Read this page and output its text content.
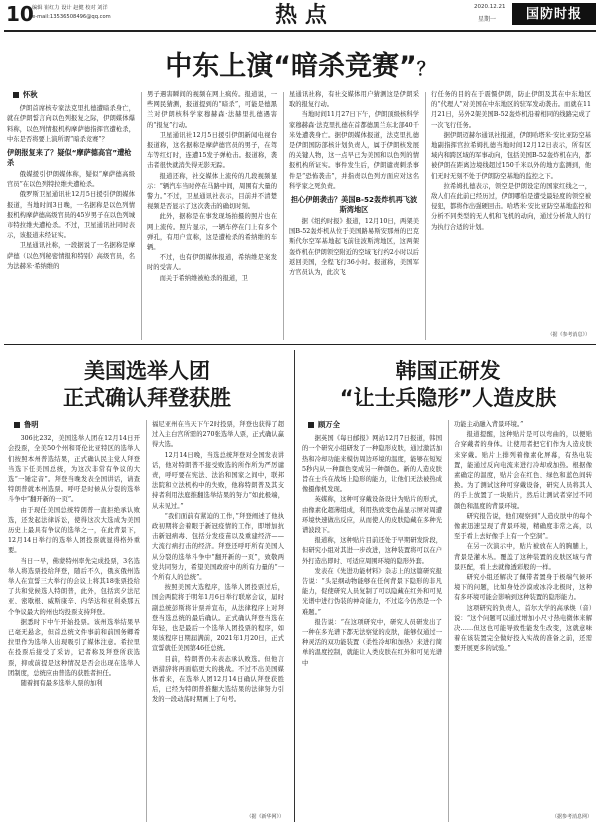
10
编辑 崔红力 设计 赵健 校对 刘洋
e-mail:13536508496@qq.com	热 点	2020.12.21
星期一	国防时报
中东上演“暗杀竞赛”？
怀秋

伊朗首席核专家法克里扎德遭暗杀身亡，就在伊朗誓言向以色列报复之际，伊朗媒体爆料称，以色列情报机构摩萨德指挥官遭枪杀，中东是否将要上演所谓“暗杀竞赛”？

伊朗报复来了？疑似“摩萨德高官”遭枪杀

俄媒援引伊朗媒体称，疑似“摩萨德高级官员”在以色列特拉维夫遭枪杀。

俄罗斯卫星通讯社12月5日援引伊朗媒体报道，当地时间3日晚，一名据称是以色列情报机构摩萨德高级官员的45岁男子在以色列城市特拉维夫遭枪杀。不过，卫星通讯社同时表示，该报道未经证实。

卫星通讯社称，一段据说了一名据称是摩萨德（以色列秘密情报和特别）高级官员，名为法赫米·希纳维的

男子遇害瞬间的视频在网上疯传。报道说，一些网民猜测，报道提到的“暗杀”，可能是德黑兰对伊朗核科学家穆赫森·法赫里扎德遇害的“报复”行动。

卫星通讯社12月5日援引伊朗新闻电视台报道称，这名据称是摩萨德官员的男子，在驾车等红灯时，连遭15发子弹枪击。报道称，袭击者很快就消失得无影无踪。

报道还称，社交媒体上流传的几段视频显示：“辆汽车当时停在马路中间，周围有大量的警力。”不过，卫星通讯社表示，目前并不清楚视频是否显示了这次袭击的确切时刻。

此外，据称是在事发现场拍摄的照片也在网上流传。照片显示，一辆车停在门上有多个弹孔，有用户宣称，这是遭枪杀的希纳维的车辆。

不过，也有伊朗媒体报道，希纳维是案发时的受害人。

而关于希纳维被枪杀的报道，卫

星通讯社称，有社交媒体用户猜测这是伊朗采取的报复行动。

当地时间11月27日下午，伊朗顶级核科学家穆赫森·法克里扎德在首都德黑兰东北部40千米处遭袭身亡。据伊朗媒体报道，法克里扎德是伊朗国防部核计划负责人，属于伊朗核发展的关键人物，这一点早已为美国和以色列的情报机构所证实。事件发生后，伊朗谴责刺杀事件是“恐怖袭击”，并指责以色列方面应对这名科学家之死负责。

担心伊朗袭击？美国B-52轰炸机再飞波斯湾地区

据《纽约时报》报道，12月10日，两架美国B-52轰炸机从位于美国路易斯安那州的巴克斯代尔空军基地起飞前往波斯湾地区，这两架轰炸机在伊朗领空附近的空域飞行约2小时以后返回美国，全程飞行36小时。报道称，美国军方官员认为，此次飞

行任务的目的在于震慑伊朗，防止伊朗及其在中东地区的“代理人”对美国在中东地区的驻军发动袭击。而就在11月21日，另外2架美国B-52轰炸机沿着相同的线路完成了一次飞行任务。

据伊朗迈赫尔通讯社报道，伊朗哈塔米·安比亚防空基地副指挥官拉希姆扎德当地时间12月12日表示，所有区域内和跨区域的军事动向，包括美国B-52轰炸机在内，都被伊朗在距离边境线超过150千米以外的地方监测到，他们无时无刻不处于伊朗防空基地的监控之下。

拉希姆扎德表示，领空是伊朗设定的国家红线之一，敌人们在此前已经历过，伊朗哪怕是遭受最轻度的领空被侵犯，都将作出强硬回击。哈塔米·安比亚防空基地监控和分析不同类型的无人机和飞机的动向，通过分析敌人的行为执行合适的计划。

（据《参考消息》）
美国选举人团
正式确认拜登获胜
鲁明

306比232，美国选举人团在12月14日开会投票，全美50个州和哥伦比亚特区的选举人们按照本州普选结果，正式确认民主党人拜登当选下任美国总统，为这次非常有争议的大选“一锤定音”。拜登当晚发表全国讲话，请查特朗普就本州选票。呼吁是时候从分裂的选举斗争中“翻开新的一页”。

由于现任美国总统特朗普一直拒绝承认败选，还发起法律诉讼，使得这次大选成为美国历史上最具有争议的选举之一，在此背景下，12月14日举行的选举人团投票就显得格外重要。

当日一早，佛蒙特州率先完成投票，3名选举人将选票投给拜登，随后不久，俄亥俄州选举人在宣誓三大举行的会议上将其18张票投给了共和党候选人特朗普，此外，包括宾夕法尼亚、密歇根、威斯康辛、内华达和亚利桑那五个争议最大的州也均投票支持拜登。

据悉时下中午开始投票。该州选举结果早已毫无悬念，但首总统文件事前和前国务卿希拉里作为选举人出现吸引了媒体注意。希拉里在投票后接受了采访，记者称及拜登所获选票，抑或前提是这种情况是否会出现在选举人团制度，总统应由普选的获胜者担任。

随着拥有最多选举人票的加利

福尼亚州在当天下午2时投票，拜登也获得了超过入主白宫所需的270张选举人票，正式确认赢得大选。

12月14日晚，当选总统拜登对全国发表讲话，他对特朗普不接受败选的所作所为严厉谴责，呼吁要在宪法、法治和国家之间中，联邦法院和立法机构中的失败，他称特朗普及其支持者利用法庭推翻选举结果的努力“如此极端，从未见过。”

“我们面前有紧迫的工作，”拜登阐述了他执政初期将会着眼于新冠疫情的工作，即增加抗击新冠病毒、包括分发疫苗以及重建经济——大流行病打击的经济。拜登还呼吁所有美国人从分裂的选举斗争中“翻开新的一页”，致敬两党共同努力，希望美国政府中的所有力量的“一个所有人的总统”。

按照美国大选程序，选举人团投票过后，国会两院将于明年1月6日举行联席会议，届时副总统彭斯将计票并宣布，从法律程序上对拜登当选总统的最后确认。正式确认拜登当选在年轻，也是最后一个选举人团投票的程序，如果该程序日期届满前，2021年1月20日，正式宣誓就任美国第46任总统。

目前，特朗普仍未表态承认败选。但他言语措辞将再面临更大的挑战。不过不出美国媒体看来，在选举人团12月14日确认拜登获胜后，已经为特朗普推翻大选结果的法律努力引发的一段动荡时期画上了句号。

（据《新华网》）
韩国正研发
“让士兵隐形”人造皮肤
顾万全

据英国《每日邮报》网站12月7日报道，韩国的一个研究小组研发了一种隐形皮肤，通过激活加热和冷却功能来模仿周边环境的温度，能够在短短5秒内从一种颜色变成另一种颜色。新的人造皮肤旨在士兵在战场上隐形的能力，让他们无法被热成像摄像机发现。

英媒称，这种可穿戴设备设计为贴片的形式，由像素化超薄组成，利用热致变色晶显示屏对周遭环境快速做出反应，从而使人的皮肤隐藏在多种光谱波段下。

报道称，这种贴片目前还处于早期研发阶段，但研究小组对其进一步改进，这种装置将可以在户外打造出即时、可适应周围环境的隐形外套。

发表在《先进功能材料》杂志上的这篇研究报告说：“头足纲动物能够在任何背景下隐形的非凡能力，促使研究人员复制了可以隐藏在红外和可见光谱中进行伪装的神奇能力，不过迄今仍然是一个难题。”

报告说：“在这项研究中，研究人员研发出了一种在多光谱下都无法察觉的皮肤，能够仅通过一种灵活的双功能装置（柔性冷却和加热）来进行简单的温度控制，就能让人类皮肤在红外和可见光谱中

功能主动融入背景环境。”

报道提醒，这种贴片是可以弯曲的，以便贴合穿戴者的身体。让使用者把它们作为人造皮肤来穿戴。贴片上排列着像素化屏幕，有热电装置，能通过反向电流来进行冷却或加热。根据像素确定的温度，贴片会在红色、绿色和蓝色间转换。为了测试这种可穿戴设备，研究人员将其人的手上放置了一块贴片，然后让测试者穿过不同颜色和温度的背景环境。

研究报告说，他们观察到“人造皮肤中的每个像素迅速呈现了背景环境，精确度非常之高，以至于看上去好像手上有一个空洞”。

在另一次演示中，贴片被放在人的胸脯上，背景是灌木丛。覆盖了这种装置的皮肤区域与背景匹配，看上去就像透彩般的一样。

研究小组还解决了佩带者置身于极端气候环境下的问题，比如身处沙漠或冰冷北极时，这种有多环境可能会影响到这种装置的隐形能力。

这项研究的负责人，首尔大学的高承焕（音）说：“这个问题可以通过增加小尺寸热电微体来解决……但这也可能导致性能发生改变，这就意味着在该装置完全做好投入实战的准备之前，还需要开展更多的试验。”

（据参考消息网）
